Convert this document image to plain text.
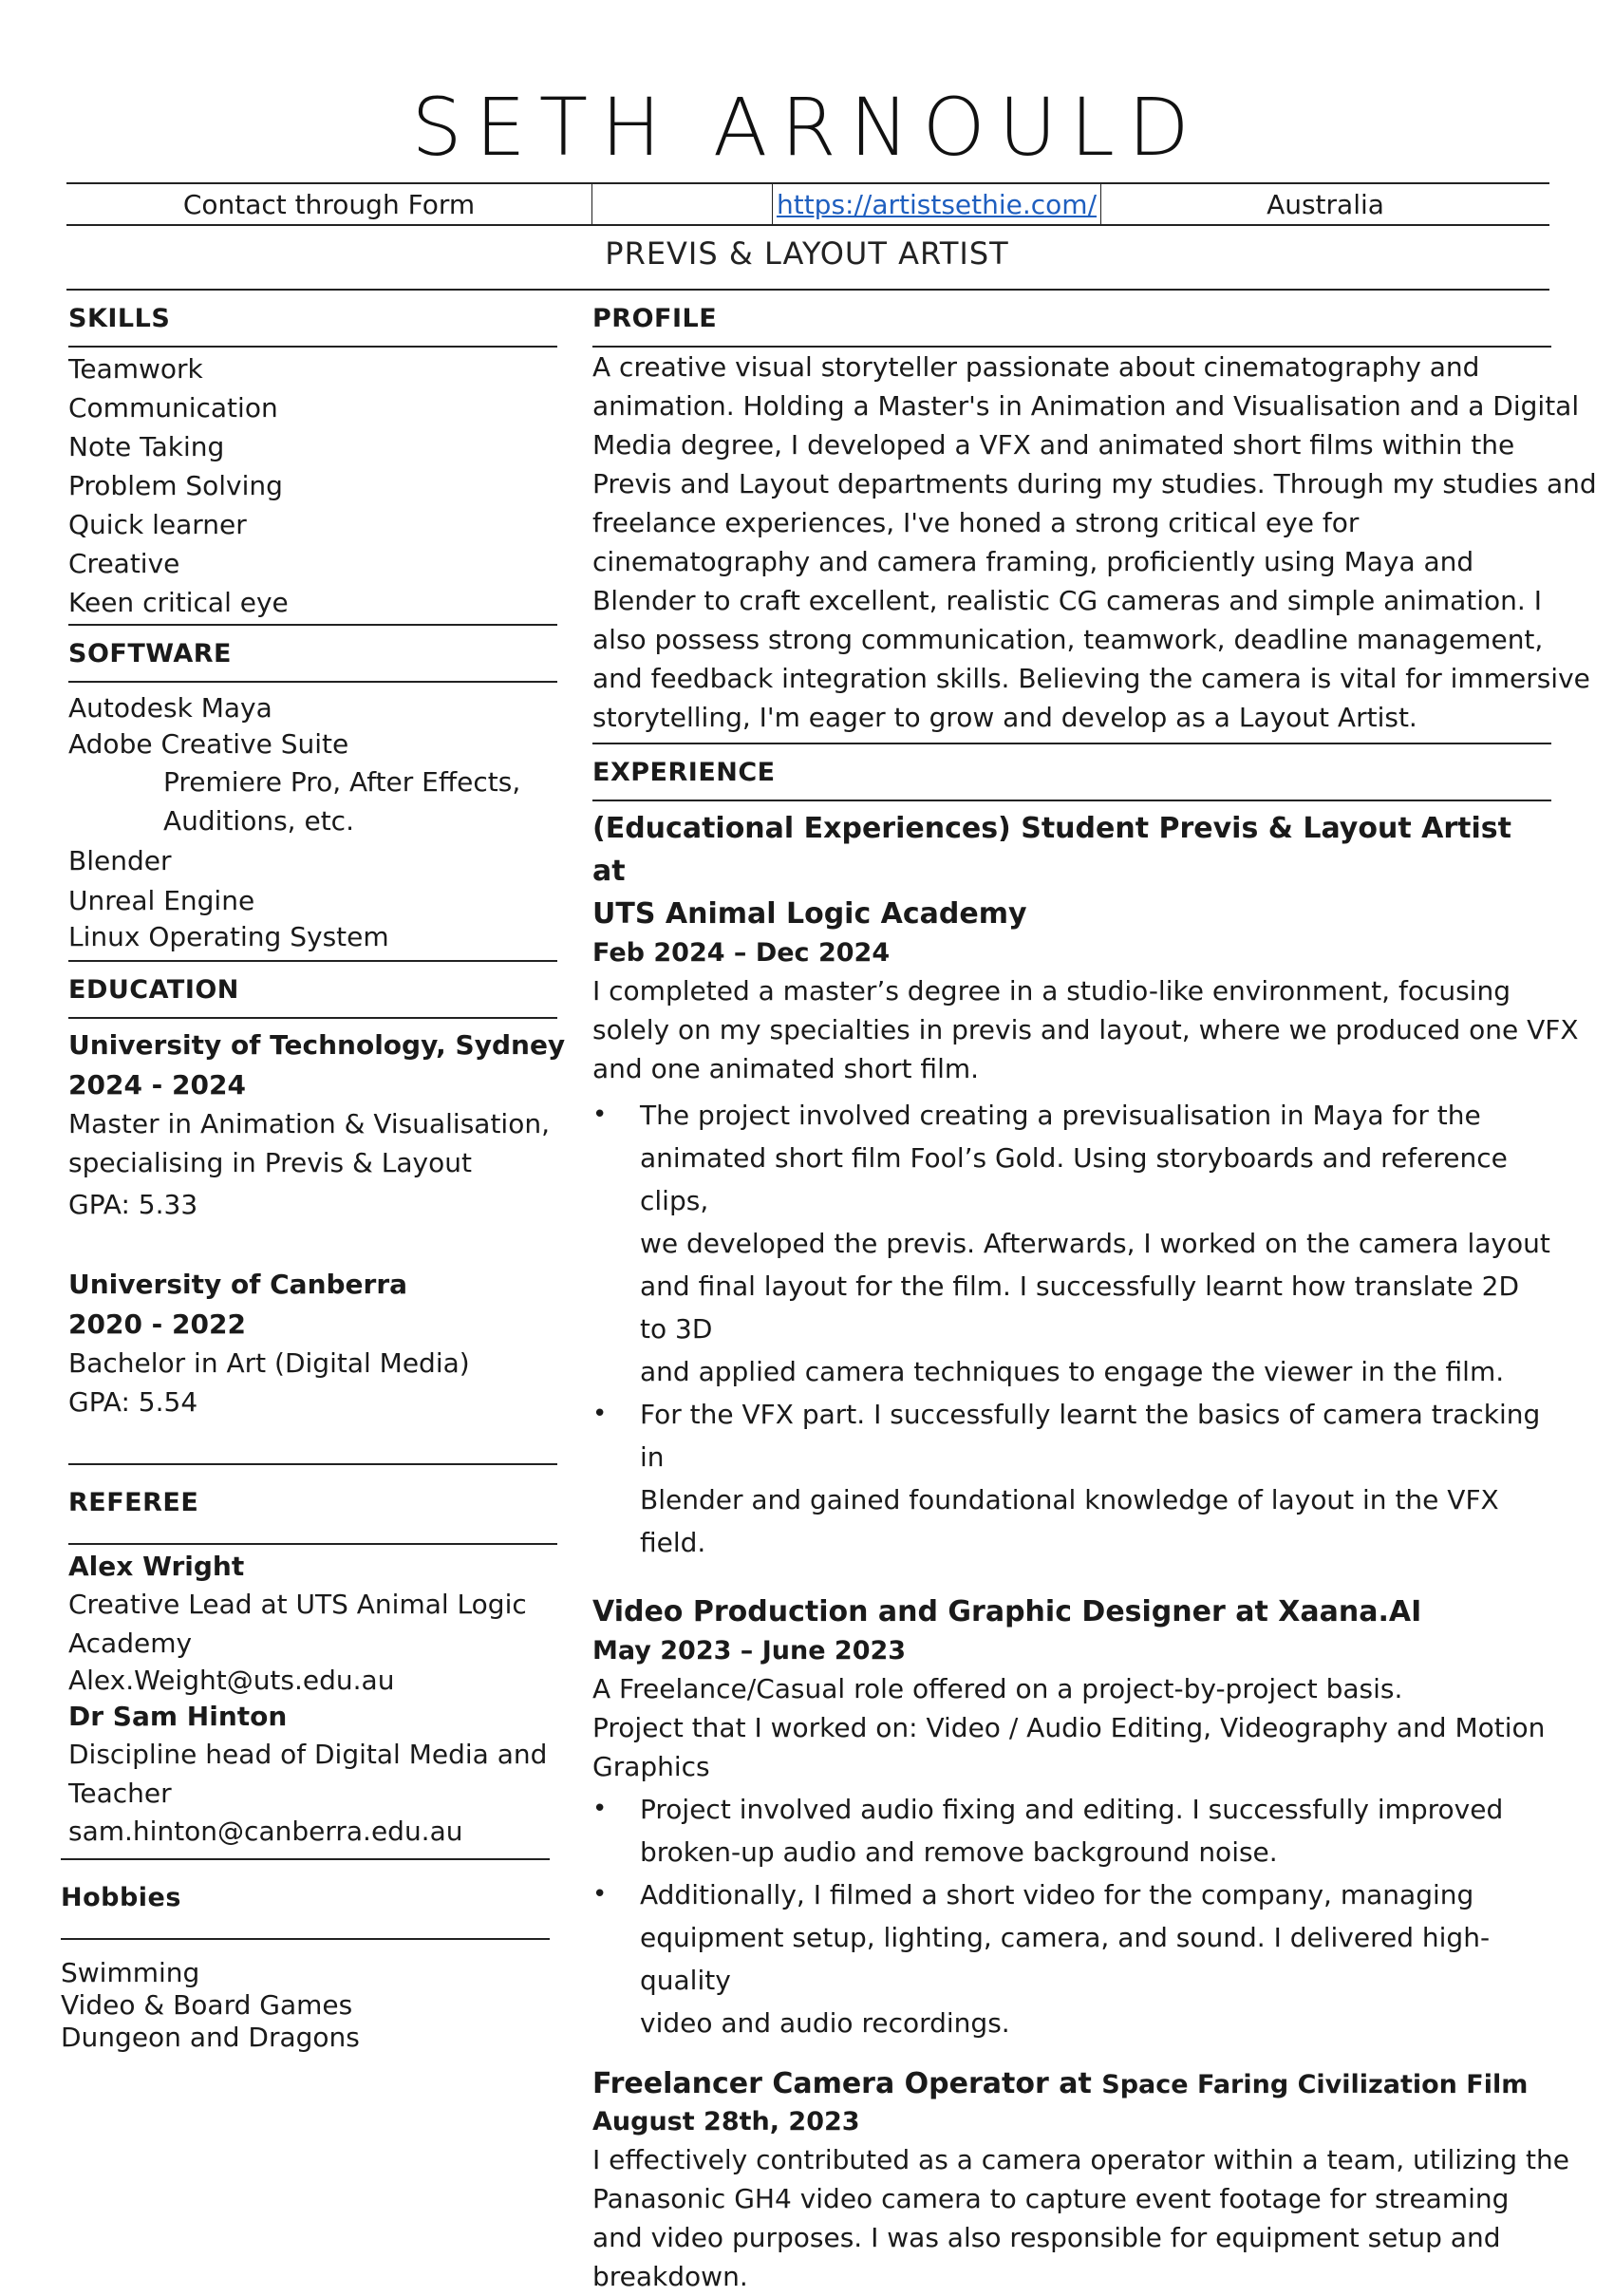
SETH ARNOULD
Contact through Form	https://artistsethie.com/	Australia
PREVIS & LAYOUT ARTIST
SKILLS
Teamwork
Communication
Note Taking
Problem Solving
Quick learner
Creative
Keen critical eye
SOFTWARE
Autodesk Maya
Adobe Creative Suite
Premiere Pro, After Effects,
Auditions, etc.
Blender
Unreal Engine
Linux Operating System
EDUCATION
University of Technology, Sydney
2024 - 2024
Master in Animation & Visualisation,
specialising in Previs & Layout
GPA: 5.33
University of Canberra
2020 - 2022
Bachelor in Art (Digital Media)
GPA: 5.54
REFEREE
Alex Wright
Creative Lead at UTS Animal Logic
Academy
Alex.Weight@uts.edu.au
Dr Sam Hinton
Discipline head of Digital Media and
Teacher
sam.hinton@canberra.edu.au
Hobbies
Swimming
Video & Board Games
Dungeon and Dragons
PROFILE
A creative visual storyteller passionate about cinematography and
animation. Holding a Master's in Animation and Visualisation and a Digital
Media degree, I developed a VFX and animated short films within the
Previs and Layout departments during my studies. Through my studies and
freelance experiences, I've honed a strong critical eye for
cinematography and camera framing, proficiently using Maya and
Blender to craft excellent, realistic CG cameras and simple animation. I
also possess strong communication, teamwork, deadline management,
and feedback integration skills. Believing the camera is vital for immersive
storytelling, I'm eager to grow and develop as a Layout Artist.
EXPERIENCE
(Educational Experiences) Student Previs & Layout Artist at
UTS Animal Logic Academy
Feb 2024 – Dec 2024
I completed a master’s degree in a studio-like environment, focusing
solely on my specialties in previs and layout, where we produced one VFX
and one animated short film.
• The project involved creating a previsualisation in Maya for the
animated short film Fool’s Gold. Using storyboards and reference clips,
we developed the previs. Afterwards, I worked on the camera layout
and final layout for the film. I successfully learnt how translate 2D to 3D
and applied camera techniques to engage the viewer in the film.
• For the VFX part. I successfully learnt the basics of camera tracking in
Blender and gained foundational knowledge of layout in the VFX field.
Video Production and Graphic Designer at Xaana.AI
May 2023 – June 2023
A Freelance/Casual role offered on a project-by-project basis.
Project that I worked on: Video / Audio Editing, Videography and Motion
Graphics
• Project involved audio fixing and editing. I successfully improved
broken-up audio and remove background noise.
• Additionally, I filmed a short video for the company, managing
equipment setup, lighting, camera, and sound. I delivered high-quality
video and audio recordings.
Freelancer Camera Operator at Space Faring Civilization Film
August 28th, 2023
I effectively contributed as a camera operator within a team, utilizing the
Panasonic GH4 video camera to capture event footage for streaming
and video purposes. I was also responsible for equipment setup and
breakdown.
